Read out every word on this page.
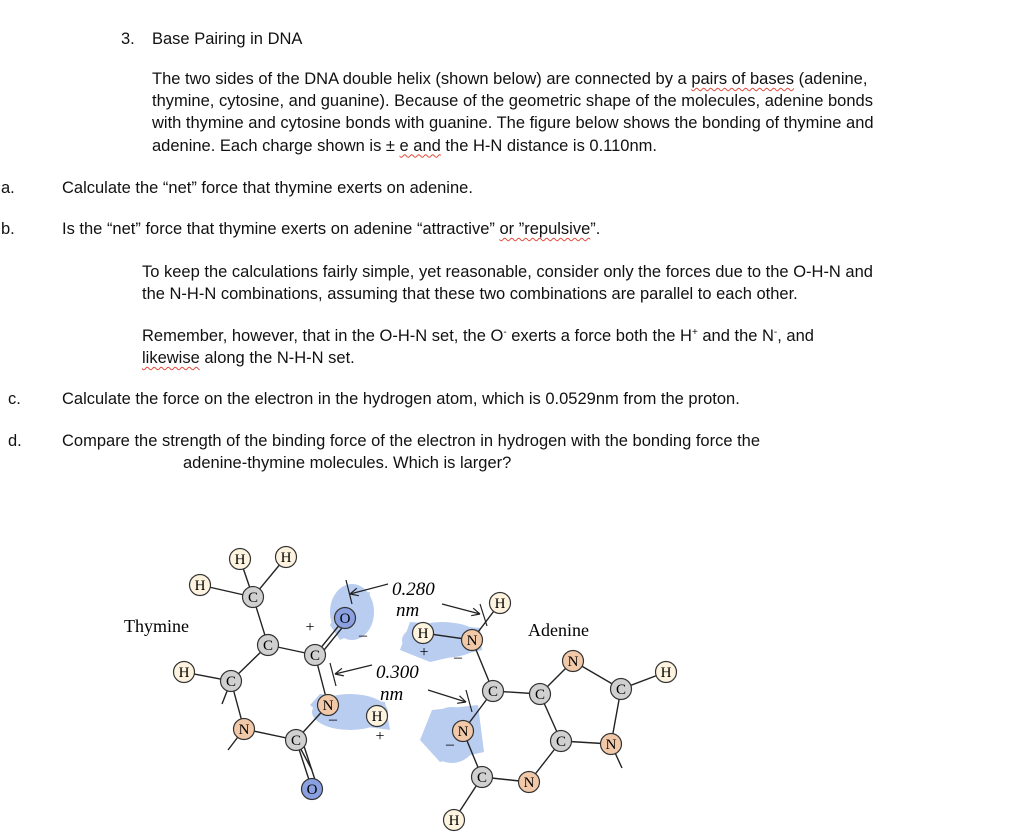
3. Base Pairing in DNA
The two sides of the DNA double helix (shown below) are connected by a pairs of bases (adenine,
thymine, cytosine, and guanine). Because of the geometric shape of the molecules, adenine bonds
with thymine and cytosine bonds with guanine. The figure below shows the bonding of thymine and
adenine. Each charge shown is ± e and the H-N distance is 0.110nm.
a.	Calculate the “net” force that thymine exerts on adenine.
b.	Is the “net” force that thymine exerts on adenine “attractive” or ”repulsive”.
To keep the calculations fairly simple, yet reasonable, consider only the forces due to the O-H-N and
the N-H-N combinations, assuming that these two combinations are parallel to each other.
Remember, however, that in the O-H-N set, the O- exerts a force both the H+ and the N-, and
likewise along the N-H-N set.
c. Calculate the force on the electron in the hydrogen atom, which is 0.0529nm from the proton.
d. Compare the strength of the binding force of the electron in hydrogen with the bonding force the
adenine-thymine molecules. Which is larger?
H H
H
C
C
C
O
H
C
N
C
N
H
O
H	N
H
C C
N
C
H
N
C	N
C N
H
+	–
+ –
–
+	–
Thymine	Adenine
0.280
nm
0.300
nm
